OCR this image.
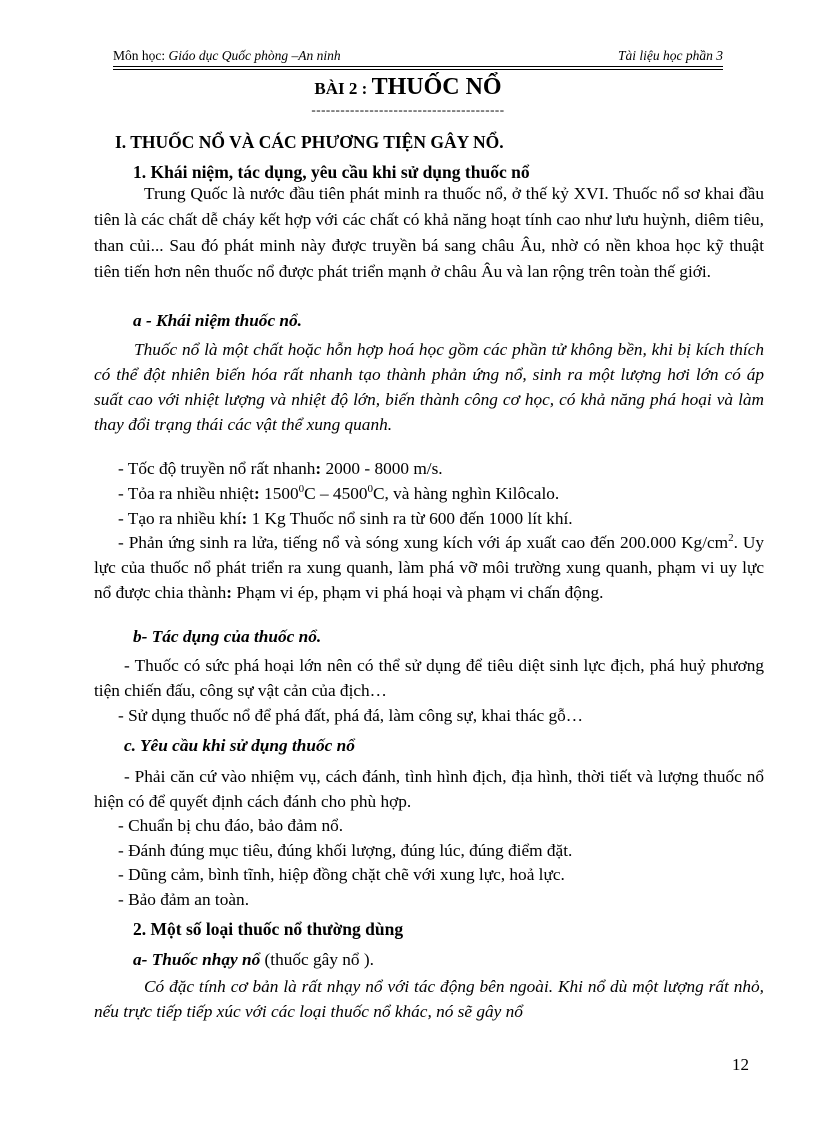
Môn học: Giáo dục Quốc phòng –An ninh	Tài liệu học phần 3
BÀI 2 : THUỐC NỔ
----------------------------------------
I. THUỐC NỔ VÀ CÁC PHƯƠNG TIỆN GÂY NỔ.
1. Khái niệm, tác dụng, yêu cầu khi sử dụng thuốc nổ
Trung Quốc là nước đầu tiên phát minh ra thuốc nổ, ở thế kỷ XVI. Thuốc nổ sơ khai đầu tiên là các chất dễ cháy kết hợp với các chất có khả năng hoạt tính cao như lưu huỳnh, diêm tiêu, than củi... Sau đó phát minh này được truyền bá sang châu Âu, nhờ có nền khoa học kỹ thuật tiên tiến hơn nên thuốc nổ được phát triển mạnh ở châu Âu và lan rộng trên toàn thế giới.
a - Khái niệm thuốc nổ.
Thuốc nổ là một chất hoặc hỗn hợp hoá học gồm các phần tử không bền, khi bị kích thích có thể đột nhiên biến hóa rất nhanh tạo thành phản ứng nổ, sinh ra một lượng hơi lớn có áp suất cao với nhiệt lượng và nhiệt độ lớn, biến thành công cơ học, có khả năng phá hoại và làm thay đổi trạng thái các vật thể xung quanh.
- Tốc độ truyền nổ rất nhanh: 2000 - 8000 m/s.
- Tỏa ra nhiều nhiệt: 1500$^0$C – 4500$^0$C, và hàng nghìn Kilôcalo.
- Tạo ra nhiều khí: 1 Kg Thuốc nổ sinh ra từ 600 đến 1000 lít khí.
- Phản ứng sinh ra lửa, tiếng nổ và sóng xung kích với áp xuất cao đến 200.000 $Kg/cm^2$. Uy lực của thuốc nổ phát triển ra xung quanh, làm phá vỡ môi trường xung quanh, phạm vi uy lực nổ được chia thành: Phạm vi ép, phạm vi phá hoại và phạm vi chấn động.
b- Tác dụng của thuốc nổ.
- Thuốc có sức phá hoại lớn nên có thể sử dụng để tiêu diệt sinh lực địch, phá huỷ phương tiện chiến đấu, công sự vật cản của địch…
- Sử dụng thuốc nổ để phá đất, phá đá, làm công sự, khai thác gỗ…
c. Yêu cầu khi sử dụng thuốc nổ
- Phải căn cứ vào nhiệm vụ, cách đánh, tình hình địch, địa hình, thời tiết và lượng thuốc nổ hiện có để quyết định cách đánh cho phù hợp.
- Chuẩn bị chu đáo, bảo đảm nổ.
- Đánh đúng mục tiêu, đúng khối lượng, đúng lúc, đúng điểm đặt.
- Dũng cảm, bình tĩnh, hiệp đồng chặt chẽ với xung lực, hoả lực.
- Bảo đảm an toàn.
2. Một số loại thuốc nổ thường dùng
a- Thuốc nhạy nổ (thuốc gây nổ ).
Có đặc tính cơ bản là rất nhạy nổ với tác động bên ngoài. Khi nổ dù một lượng rất nhỏ, nếu trực tiếp tiếp xúc với các loại thuốc nổ khác, nó sẽ gây nổ
12
